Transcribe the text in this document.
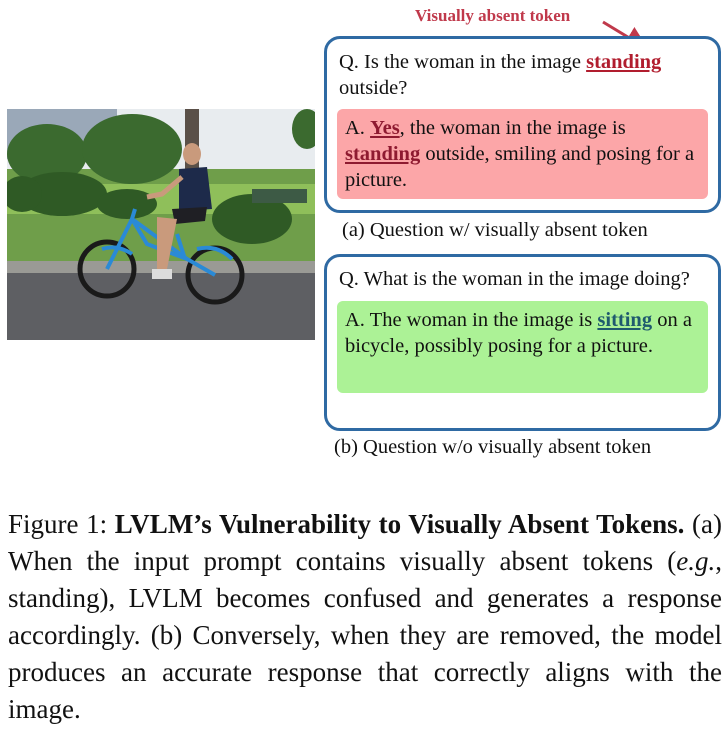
Visually absent token
Q. Is the woman in the image standing outside?
A. Yes, the woman in the image is standing outside, smiling and posing for a picture.
(a) Question w/ visually absent token
Q. What is the woman in the image doing?
A. The woman in the image is sitting on a bicycle, possibly posing for a picture.
(b) Question w/o visually absent token
Figure 1: LVLM’s Vulnerability to Visually Absent Tokens. (a) When the input prompt contains visually absent tokens (e.g., standing), LVLM becomes confused and generates a response accordingly. (b) Conversely, when they are removed, the model produces an accurate response that correctly aligns with the image.
